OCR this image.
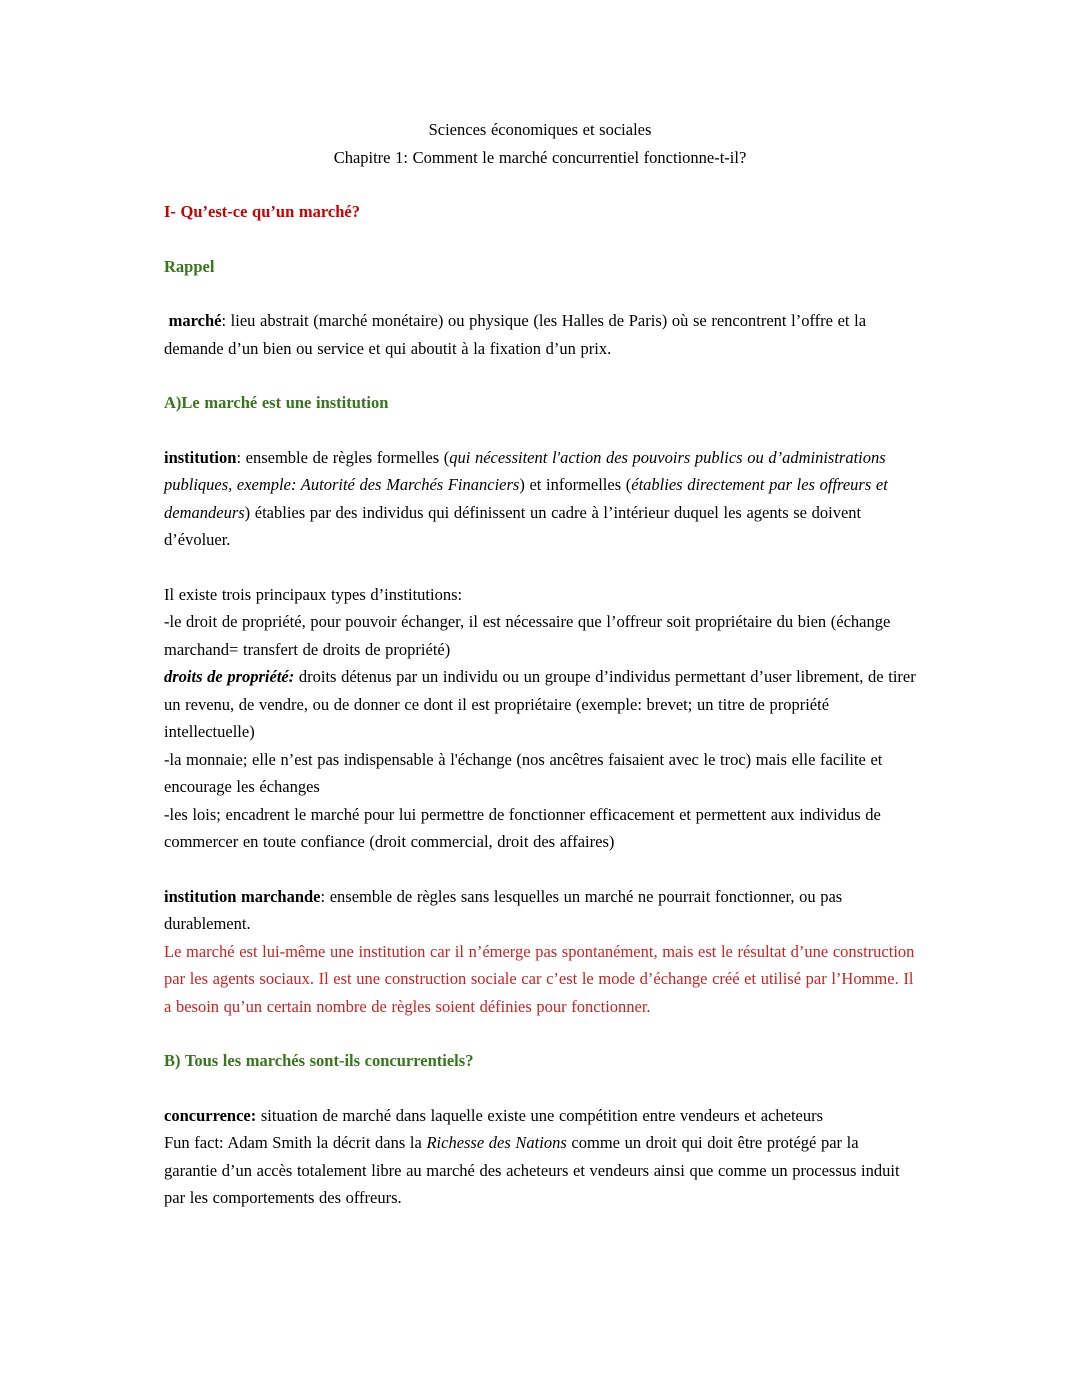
Sciences économiques et sociales
Chapitre 1: Comment le marché concurrentiel fonctionne-t-il?
I- Qu’est-ce qu’un marché?
Rappel
marché: lieu abstrait (marché monétaire) ou physique (les Halles de Paris) où se rencontrent l’offre et la demande d’un bien ou service et qui aboutit à la fixation d’un prix.
A)Le marché est une institution
institution: ensemble de règles formelles (qui nécessitent l'action des pouvoirs publics ou d’administrations publiques, exemple: Autorité des Marchés Financiers) et informelles (établies directement par les offreurs et demandeurs) établies par des individus qui définissent un cadre à l’intérieur duquel les agents se doivent d’évoluer.
Il existe trois principaux types d’institutions:
-le droit de propriété, pour pouvoir échanger, il est nécessaire que l’offreur soit propriétaire du bien (échange marchand= transfert de droits de propriété)
droits de propriété: droits détenus par un individu ou un groupe d’individus permettant d’user librement, de tirer un revenu, de vendre, ou de donner ce dont il est propriétaire (exemple: brevet; un titre de propriété intellectuelle)
-la monnaie; elle n’est pas indispensable à l'échange (nos ancêtres faisaient avec le troc) mais elle facilite et encourage les échanges
-les lois; encadrent le marché pour lui permettre de fonctionner efficacement et permettent aux individus de commercer en toute confiance (droit commercial, droit des affaires)
institution marchande: ensemble de règles sans lesquelles un marché ne pourrait fonctionner, ou pas durablement.
Le marché est lui-même une institution car il n’émerge pas spontanément, mais est le résultat d’une construction par les agents sociaux. Il est une construction sociale car c’est le mode d’échange créé et utilisé par l’Homme. Il a besoin qu’un certain nombre de règles soient définies pour fonctionner.
B) Tous les marchés sont-ils concurrentiels?
concurrence: situation de marché dans laquelle existe une compétition entre vendeurs et acheteurs
Fun fact: Adam Smith la décrit dans la Richesse des Nations comme un droit qui doit être protégé par la garantie d’un accès totalement libre au marché des acheteurs et vendeurs ainsi que comme un processus induit par les comportements des offreurs.
